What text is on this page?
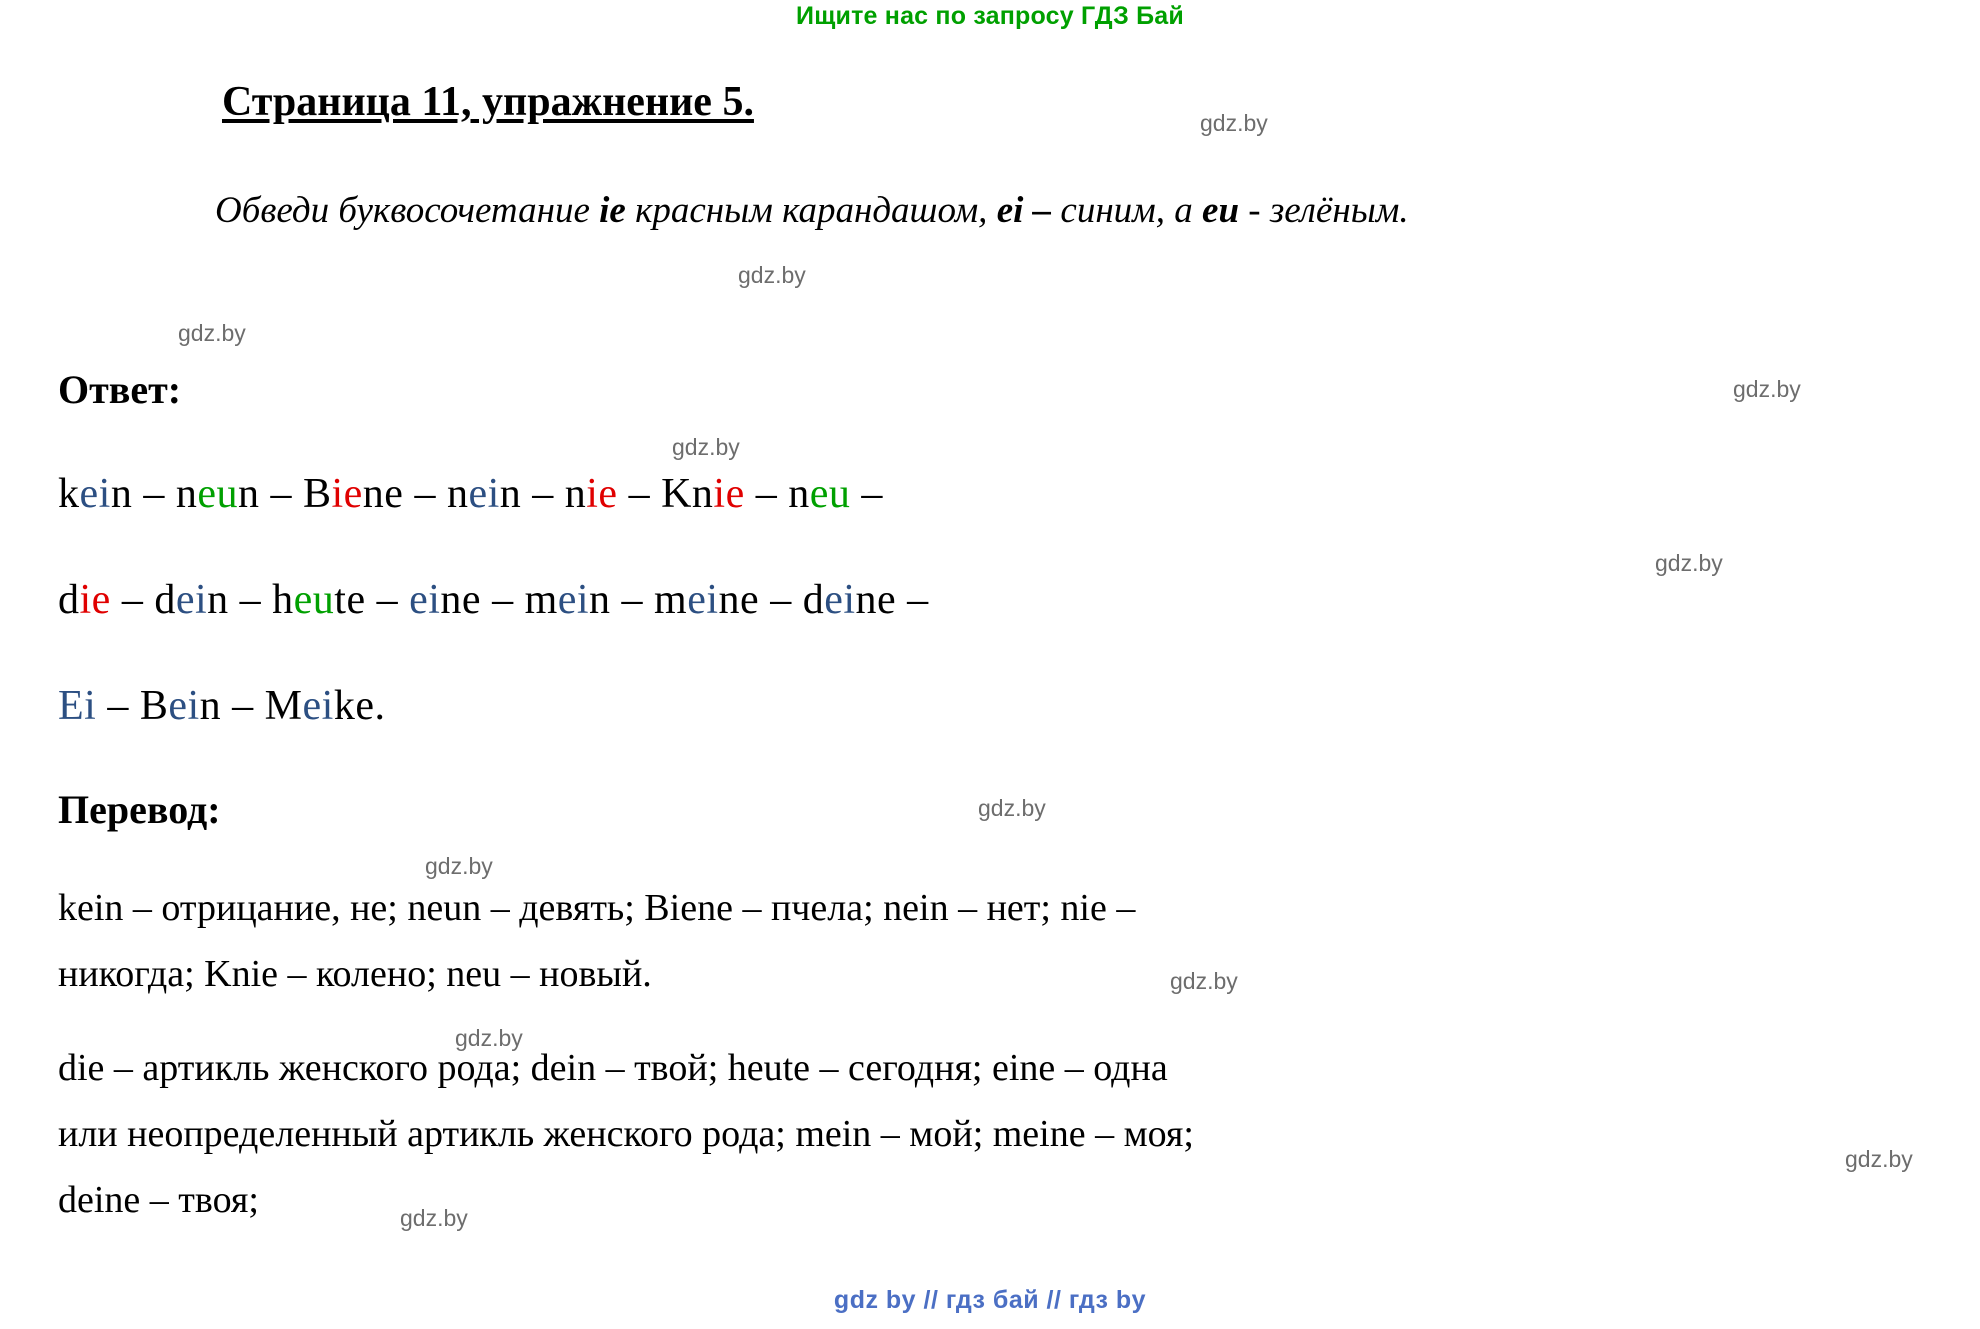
Ищите нас по запросу ГДЗ Бай
Страница 11, упражнение 5.
Обведи буквосочетание ie красным карандашом, ei – синим, а eu - зелёным.
Ответ:
kein – neun – Biene – nein – nie – Knie – neu –
die – dein – heute – eine – mein – meine – deine –
Ei – Bein – Meike.
Перевод:
kein – отрицание, не; neun – девять; Biene – пчела; nein – нет; nie –
никогда; Knie – колено; neu – новый.
die – артикль женского рода; dein – твой; heute – сегодня; eine – одна
или неопределенный артикль женского рода; mein – мой; meine – моя;
deine – твоя;
gdz.by
gdz.by
gdz.by
gdz.by
gdz.by
gdz.by
gdz.by
gdz.by
gdz.by
gdz.by
gdz.by
gdz.by
gdz by // гдз бай // гдз by
